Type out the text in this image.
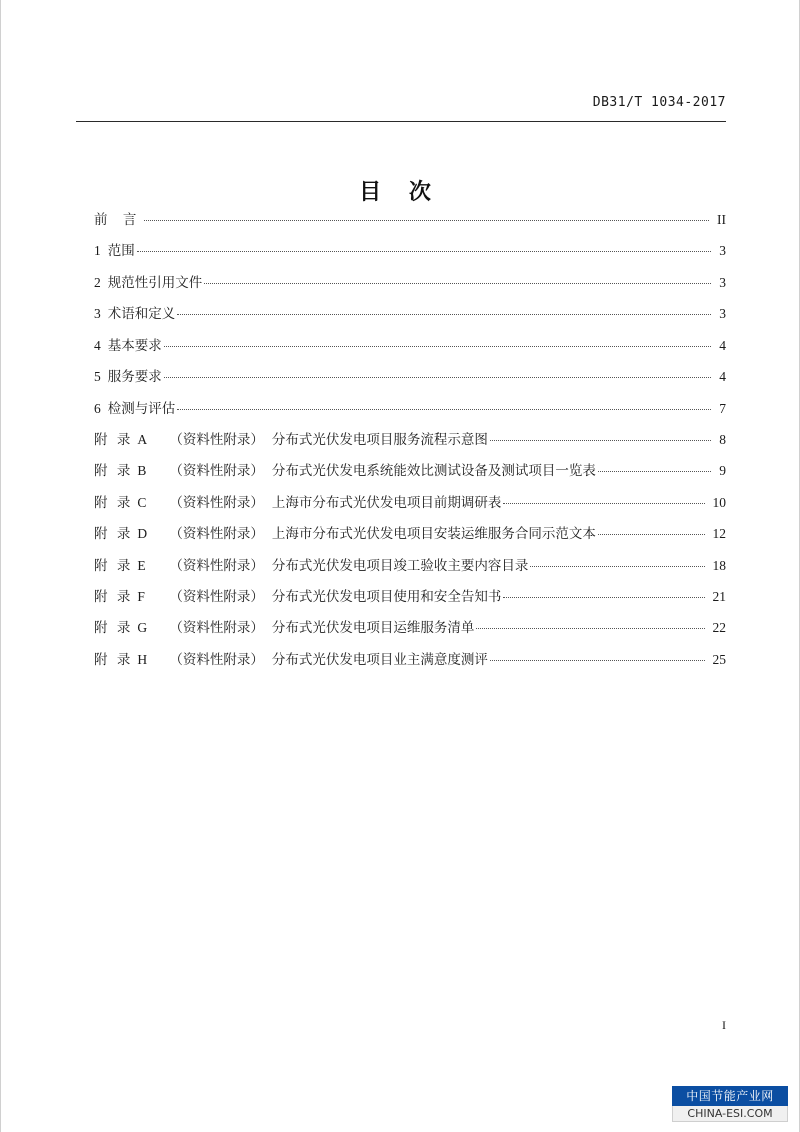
DB31/T 1034-2017
目 次
前 言	II
1 范围	3
2 规范性引用文件	3
3 术语和定义	3
4 基本要求	4
5 服务要求	4
6 检测与评估	7
附 录 A	（资料性附录） 分布式光伏发电项目服务流程示意图	8
附 录 B	（资料性附录） 分布式光伏发电系统能效比测试设备及测试项目一览表	9
附 录 C	（资料性附录） 上海市分布式光伏发电项目前期调研表	10
附 录 D	（资料性附录） 上海市分布式光伏发电项目安装运维服务合同示范文本	12
附 录 E	（资料性附录） 分布式光伏发电项目竣工验收主要内容目录	18
附 录 F	（资料性附录） 分布式光伏发电项目使用和安全告知书	21
附 录 G	（资料性附录） 分布式光伏发电项目运维服务清单	22
附 录 H	（资料性附录） 分布式光伏发电项目业主满意度测评	25
I
中国节能产业网
CHINA-ESI.COM
